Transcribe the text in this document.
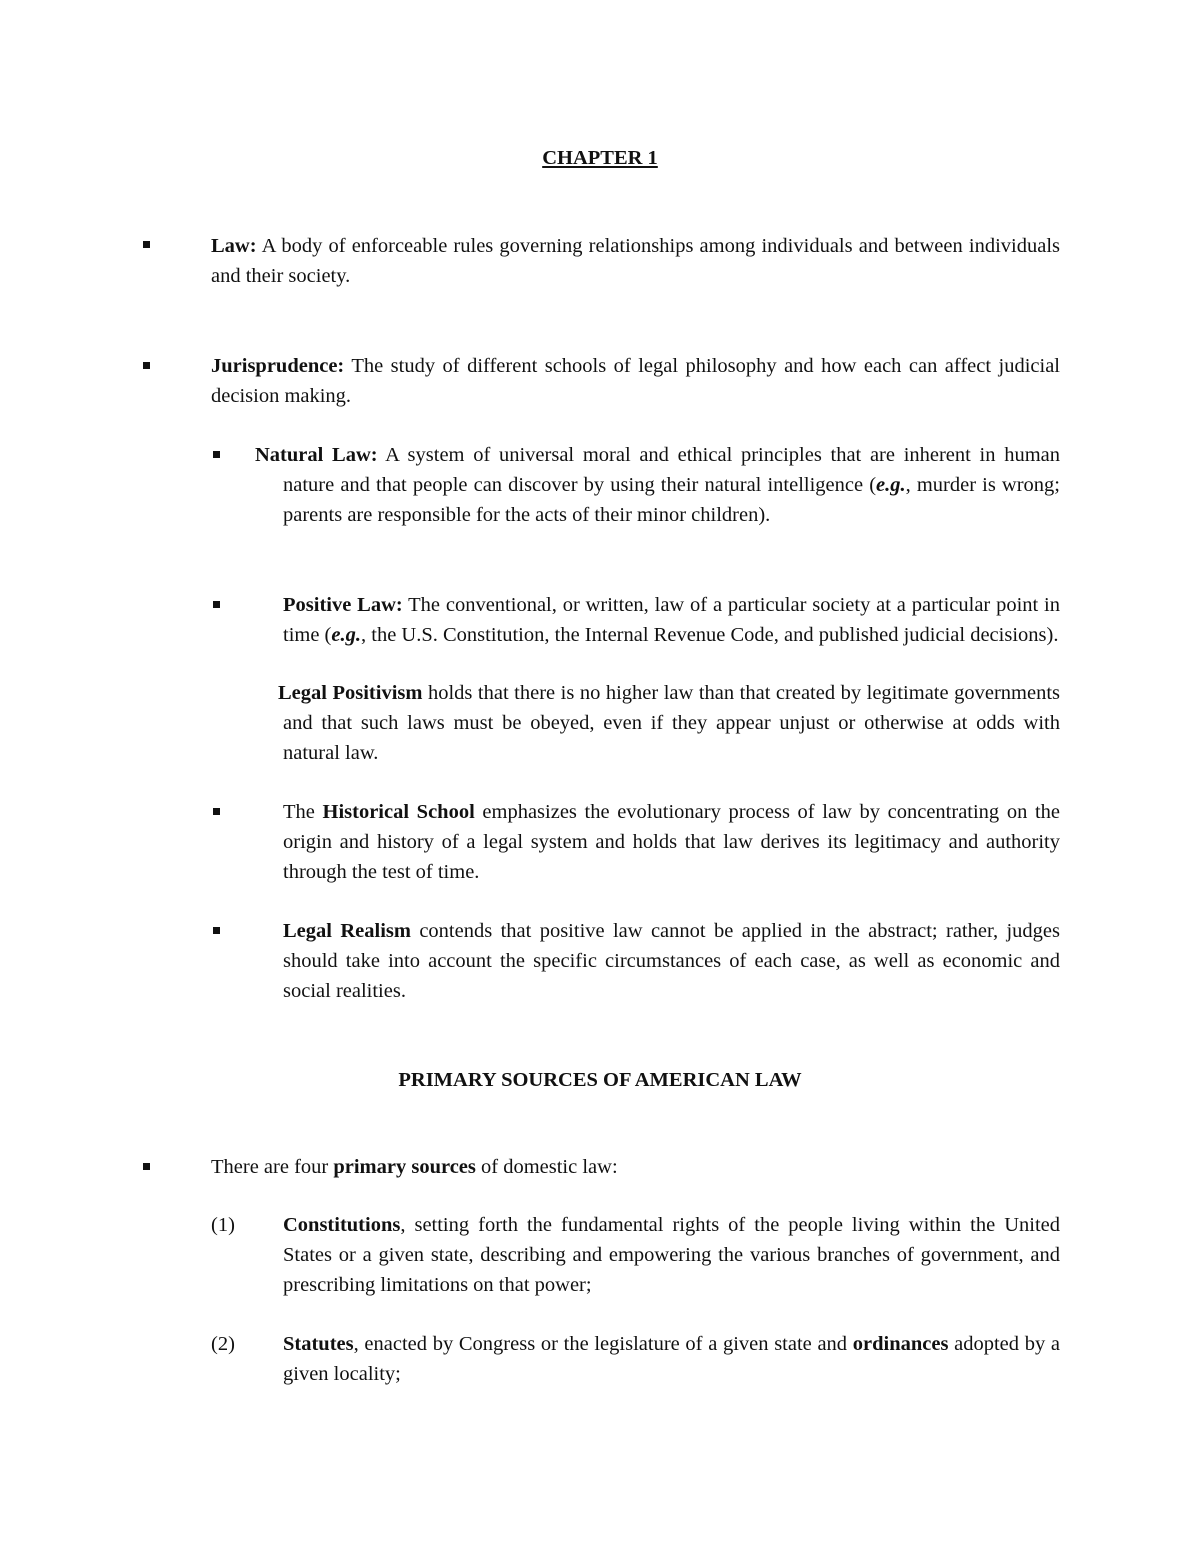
CHAPTER 1
Law: A body of enforceable rules governing relationships among individuals and between individuals and their society.
Jurisprudence: The study of different schools of legal philosophy and how each can affect judicial decision making.
Natural Law: A system of universal moral and ethical principles that are inherent in human nature and that people can discover by using their natural intelligence (e.g., murder is wrong; parents are responsible for the acts of their minor children).
Positive Law: The conventional, or written, law of a particular society at a particular point in time (e.g., the U.S. Constitution, the Internal Revenue Code, and published judicial decisions).
Legal Positivism holds that there is no higher law than that created by legitimate governments and that such laws must be obeyed, even if they appear unjust or otherwise at odds with natural law.
The Historical School emphasizes the evolutionary process of law by concentrating on the origin and history of a legal system and holds that law derives its legitimacy and authority through the test of time.
Legal Realism contends that positive law cannot be applied in the abstract; rather, judges should take into account the specific circumstances of each case, as well as economic and social realities.
PRIMARY SOURCES OF AMERICAN LAW
There are four primary sources of domestic law:
(1) Constitutions, setting forth the fundamental rights of the people living within the United States or a given state, describing and empowering the various branches of government, and prescribing limitations on that power;
(2) Statutes, enacted by Congress or the legislature of a given state and ordinances adopted by a given locality;
